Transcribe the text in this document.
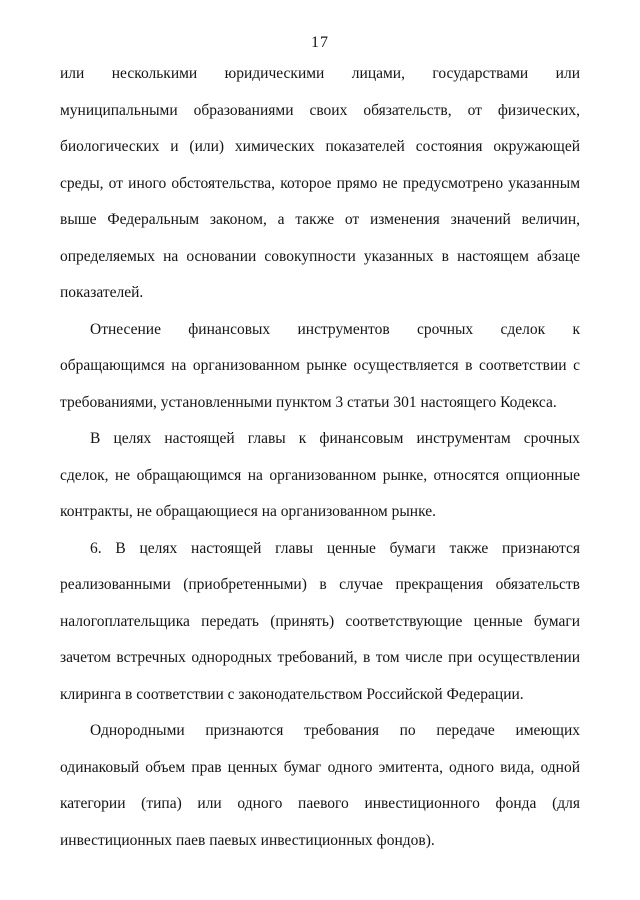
17
или несколькими юридическими лицами, государствами или
муниципальными образованиями своих обязательств, от физических,
биологических и (или) химических показателей состояния окружающей
среды, от иного обстоятельства, которое прямо не предусмотрено указанным
выше Федеральным законом, а также от изменения значений величин,
определяемых на основании совокупности указанных в настоящем абзаце
показателей.
Отнесение финансовых инструментов срочных сделок к
обращающимся на организованном рынке осуществляется в соответствии с
требованиями, установленными пунктом 3 статьи 301 настоящего Кодекса.
В целях настоящей главы к финансовым инструментам срочных
сделок, не обращающимся на организованном рынке, относятся опционные
контракты, не обращающиеся на организованном рынке.
6. В целях настоящей главы ценные бумаги также признаются
реализованными (приобретенными) в случае прекращения обязательств
налогоплательщика передать (принять) соответствующие ценные бумаги
зачетом встречных однородных требований, в том числе при осуществлении
клиринга в соответствии с законодательством Российской Федерации.
Однородными признаются требования по передаче имеющих
одинаковый объем прав ценных бумаг одного эмитента, одного вида, одной
категории (типа) или одного паевого инвестиционного фонда (для
инвестиционных паев паевых инвестиционных фондов).
